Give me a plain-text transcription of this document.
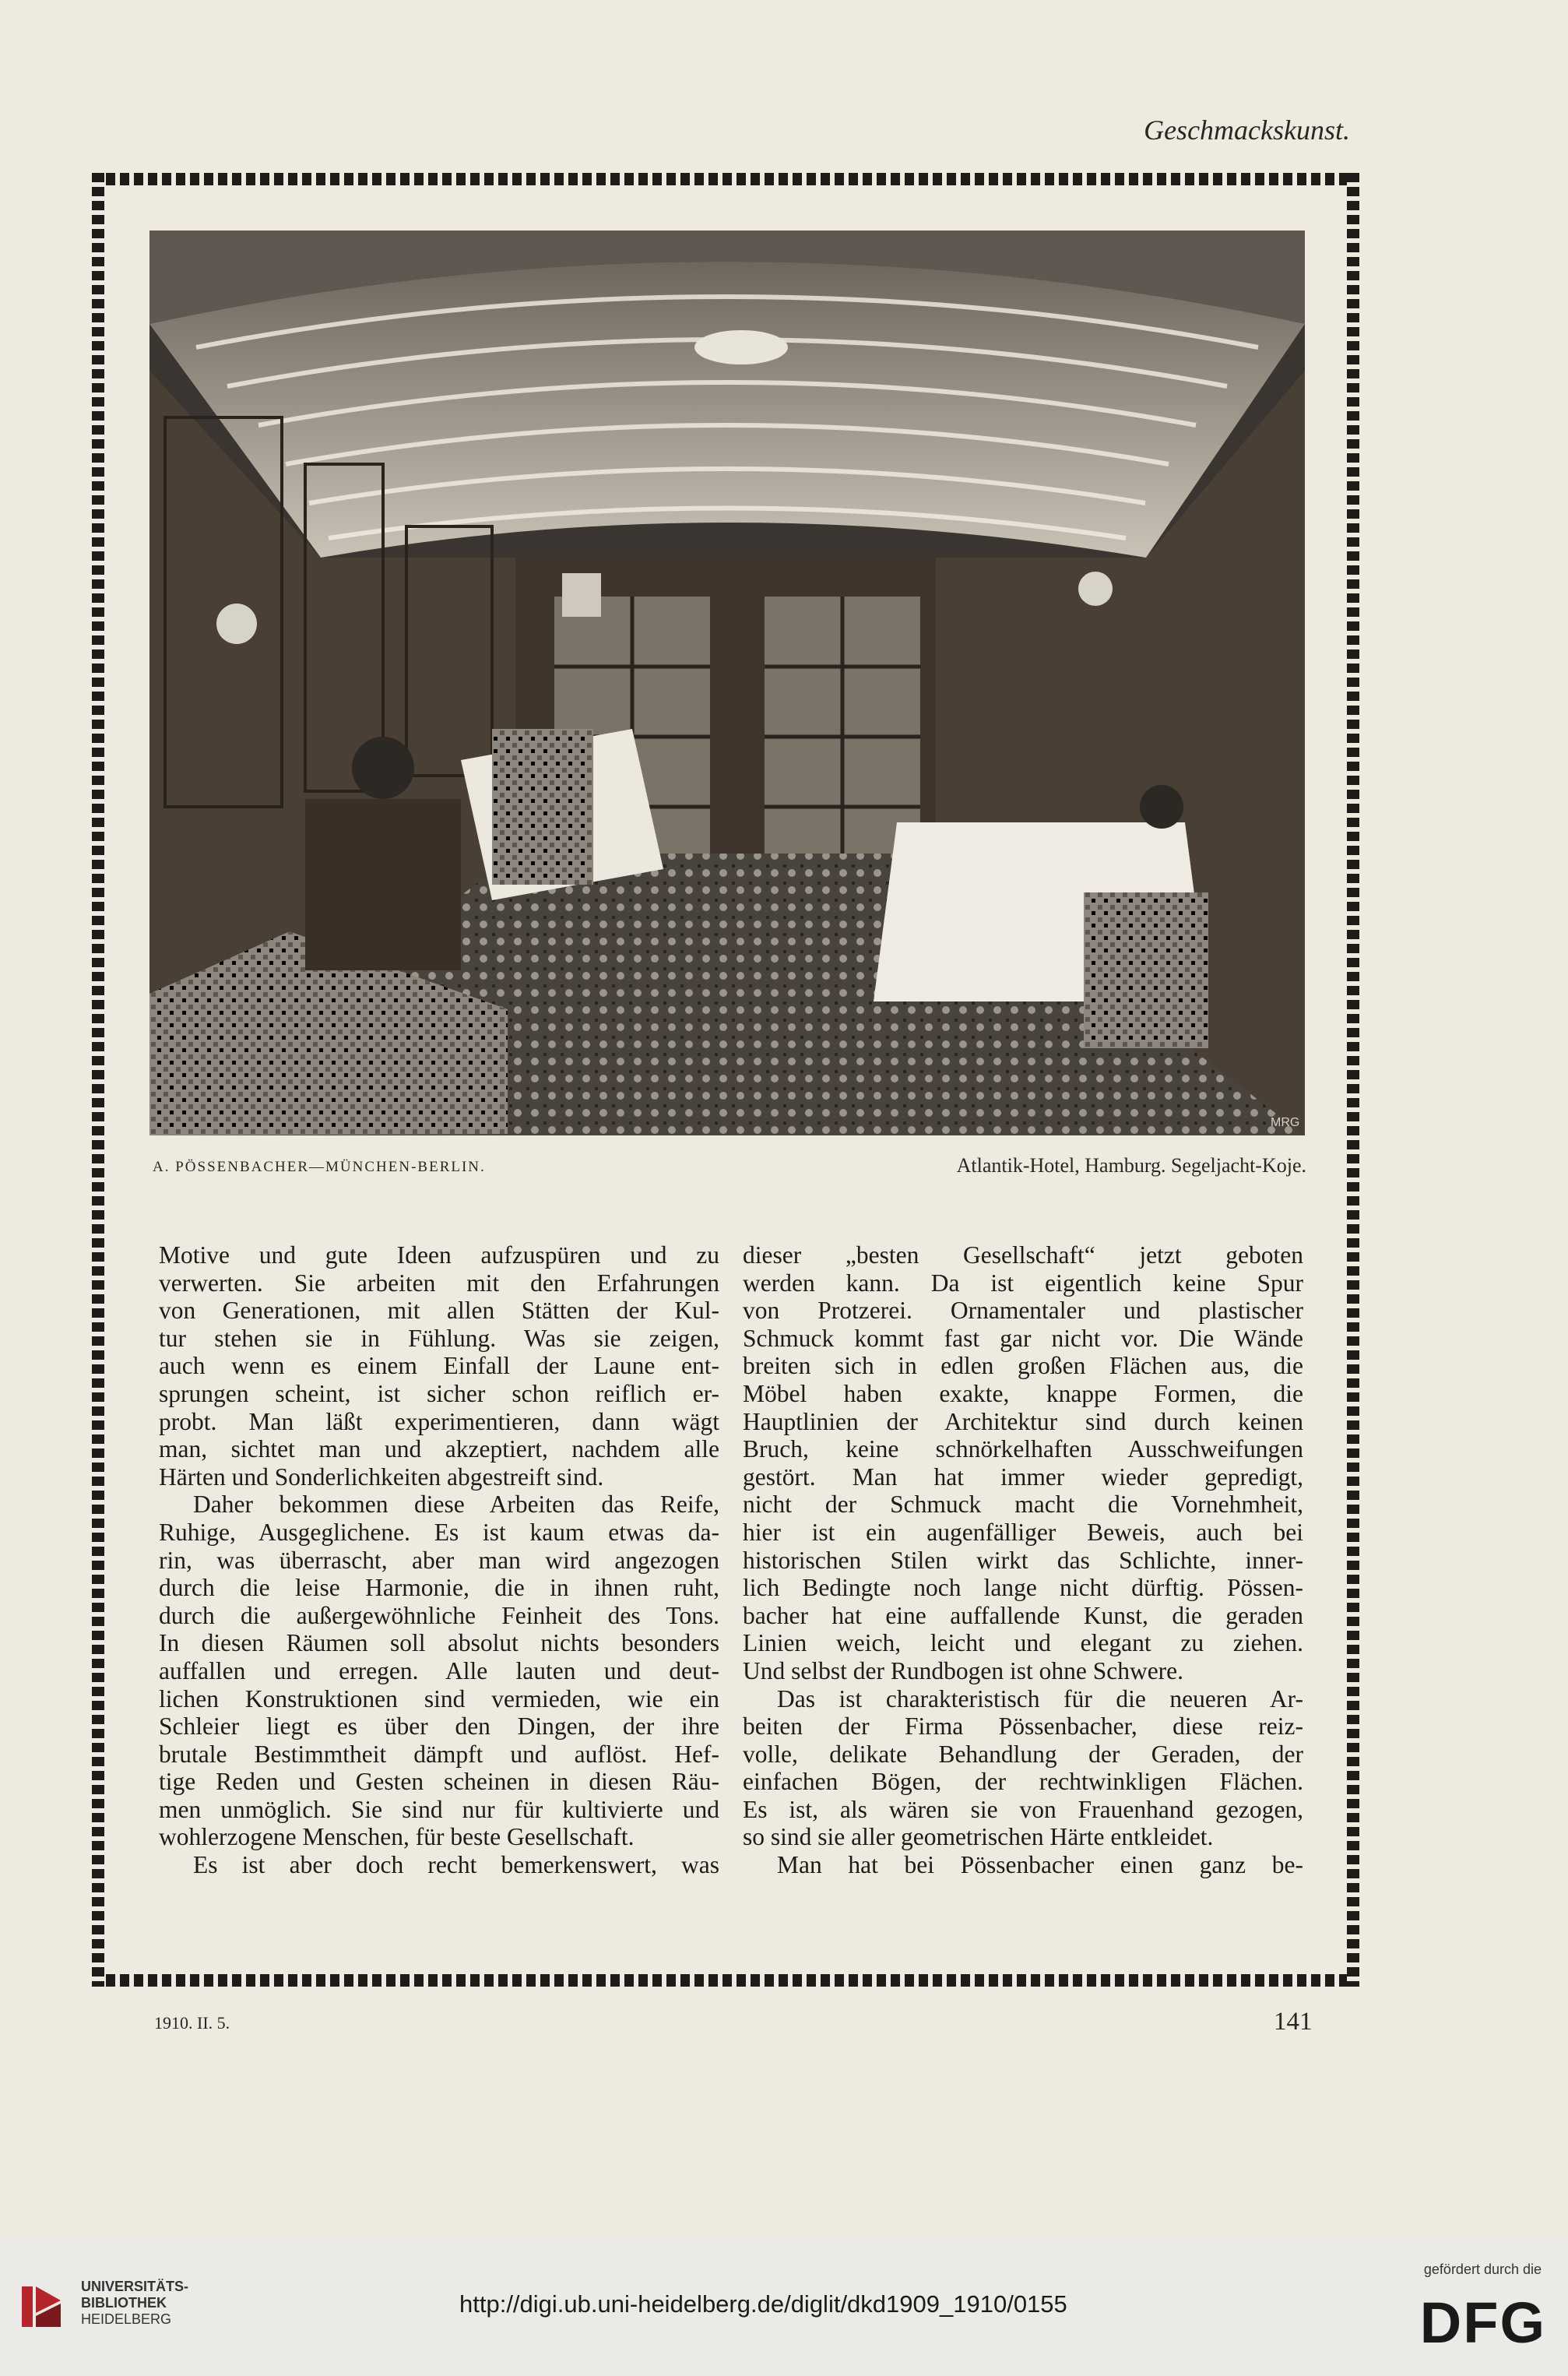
Geschmackskunst.
MRG
A. PÖSSENBACHER—MÜNCHEN-BERLIN.	Atlantik-Hotel, Hamburg. Segeljacht-Koje.
Motive und gute Ideen aufzuspüren und zu
verwerten. Sie arbeiten mit den Erfahrungen
von Generationen, mit allen Stätten der Kul-
tur stehen sie in Fühlung. Was sie zeigen,
auch wenn es einem Einfall der Laune ent-
sprungen scheint, ist sicher schon reiflich er-
probt. Man läßt experimentieren, dann wägt
man, sichtet man und akzeptiert, nachdem alle
Härten und Sonderlichkeiten abgestreift sind.
Daher bekommen diese Arbeiten das Reife,
Ruhige, Ausgeglichene. Es ist kaum etwas da-
rin, was überrascht, aber man wird angezogen
durch die leise Harmonie, die in ihnen ruht,
durch die außergewöhnliche Feinheit des Tons.
In diesen Räumen soll absolut nichts besonders
auffallen und erregen. Alle lauten und deut-
lichen Konstruktionen sind vermieden, wie ein
Schleier liegt es über den Dingen, der ihre
brutale Bestimmtheit dämpft und auflöst. Hef-
tige Reden und Gesten scheinen in diesen Räu-
men unmöglich. Sie sind nur für kultivierte und
wohlerzogene Menschen, für beste Gesellschaft.
Es ist aber doch recht bemerkenswert, was
dieser „besten Gesellschaft“ jetzt geboten
werden kann. Da ist eigentlich keine Spur
von Protzerei. Ornamentaler und plastischer
Schmuck kommt fast gar nicht vor. Die Wände
breiten sich in edlen großen Flächen aus, die
Möbel haben exakte, knappe Formen, die
Hauptlinien der Architektur sind durch keinen
Bruch, keine schnörkelhaften Ausschweifungen
gestört. Man hat immer wieder gepredigt,
nicht der Schmuck macht die Vornehmheit,
hier ist ein augenfälliger Beweis, auch bei
historischen Stilen wirkt das Schlichte, inner-
lich Bedingte noch lange nicht dürftig. Pössen-
bacher hat eine auffallende Kunst, die geraden
Linien weich, leicht und elegant zu ziehen.
Und selbst der Rundbogen ist ohne Schwere.
Das ist charakteristisch für die neueren Ar-
beiten der Firma Pössenbacher, diese reiz-
volle, delikate Behandlung der Geraden, der
einfachen Bögen, der rechtwinkligen Flächen.
Es ist, als wären sie von Frauenhand gezogen,
so sind sie aller geometrischen Härte entkleidet.
Man hat bei Pössenbacher einen ganz be-
1910. II. 5.	141
UNIVERSITÄTS-
BIBLIOTHEK
HEIDELBERG
http://digi.ub.uni-heidelberg.de/diglit/dkd1909_1910/0155
gefördert durch die
DFG
